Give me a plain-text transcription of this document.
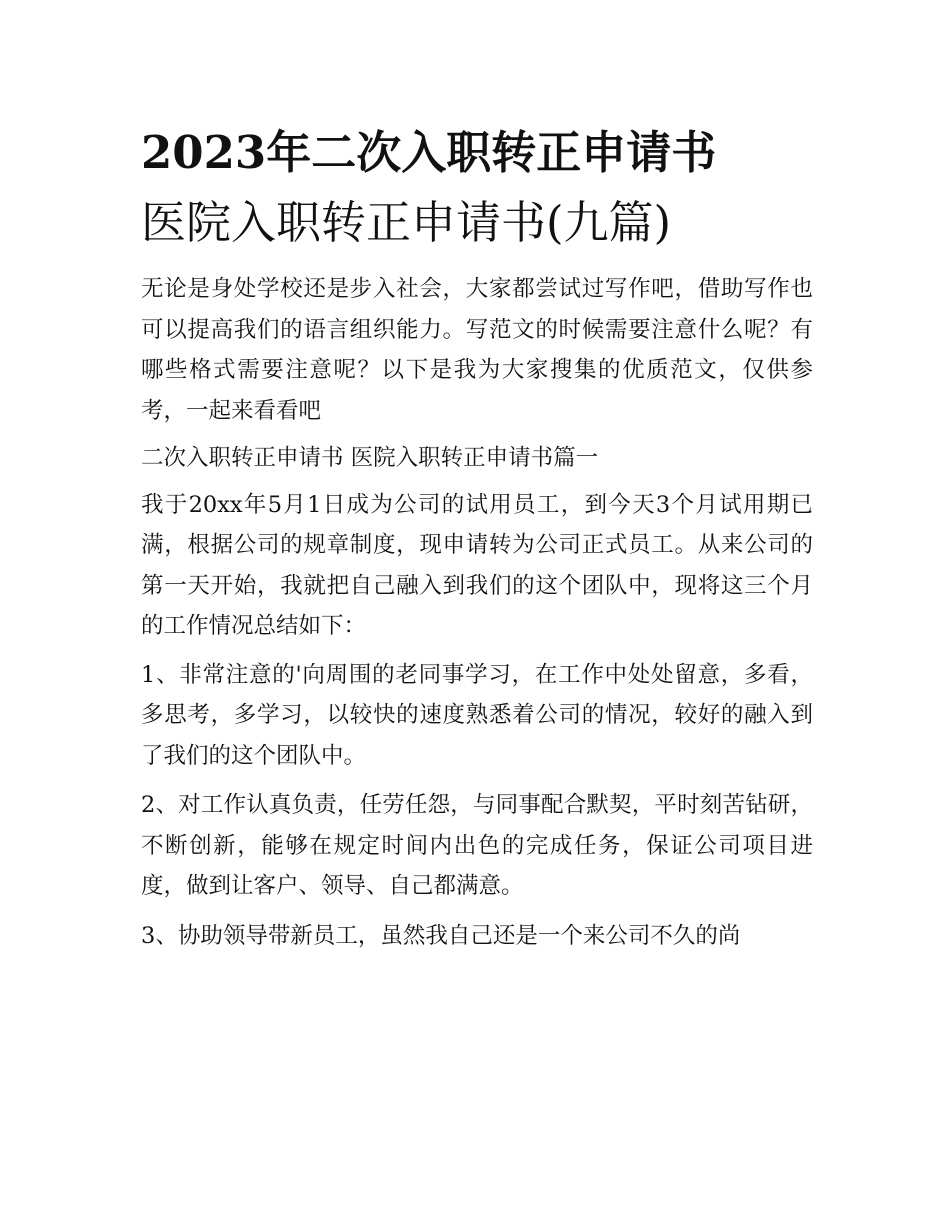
2023年二次入职转正申请书
医院入职转正申请书(九篇)

无论是身处学校还是步入社会，大家都尝试过写作吧，借助写作也可以提高我们的语言组织能力。写范文的时候需要注意什么呢？有哪些格式需要注意呢？以下是我为大家搜集的优质范文，仅供参考，一起来看看吧

二次入职转正申请书 医院入职转正申请书篇一

我于20xx年5月1日成为公司的试用员工，到今天3个月试用期已满，根据公司的规章制度，现申请转为公司正式员工。从来公司的第一天开始，我就把自己融入到我们的这个团队中，现将这三个月的工作情况总结如下：

1、非常注意的'向周围的老同事学习，在工作中处处留意，多看，多思考，多学习，以较快的速度熟悉着公司的情况，较好的融入到了我们的这个团队中。

2、对工作认真负责，任劳任怨，与同事配合默契，平时刻苦钻研，不断创新，能够在规定时间内出色的完成任务，保证公司项目进度，做到让客户、领导、自己都满意。

3、协助领导带新员工，虽然我自己还是一个来公司不久的尚
